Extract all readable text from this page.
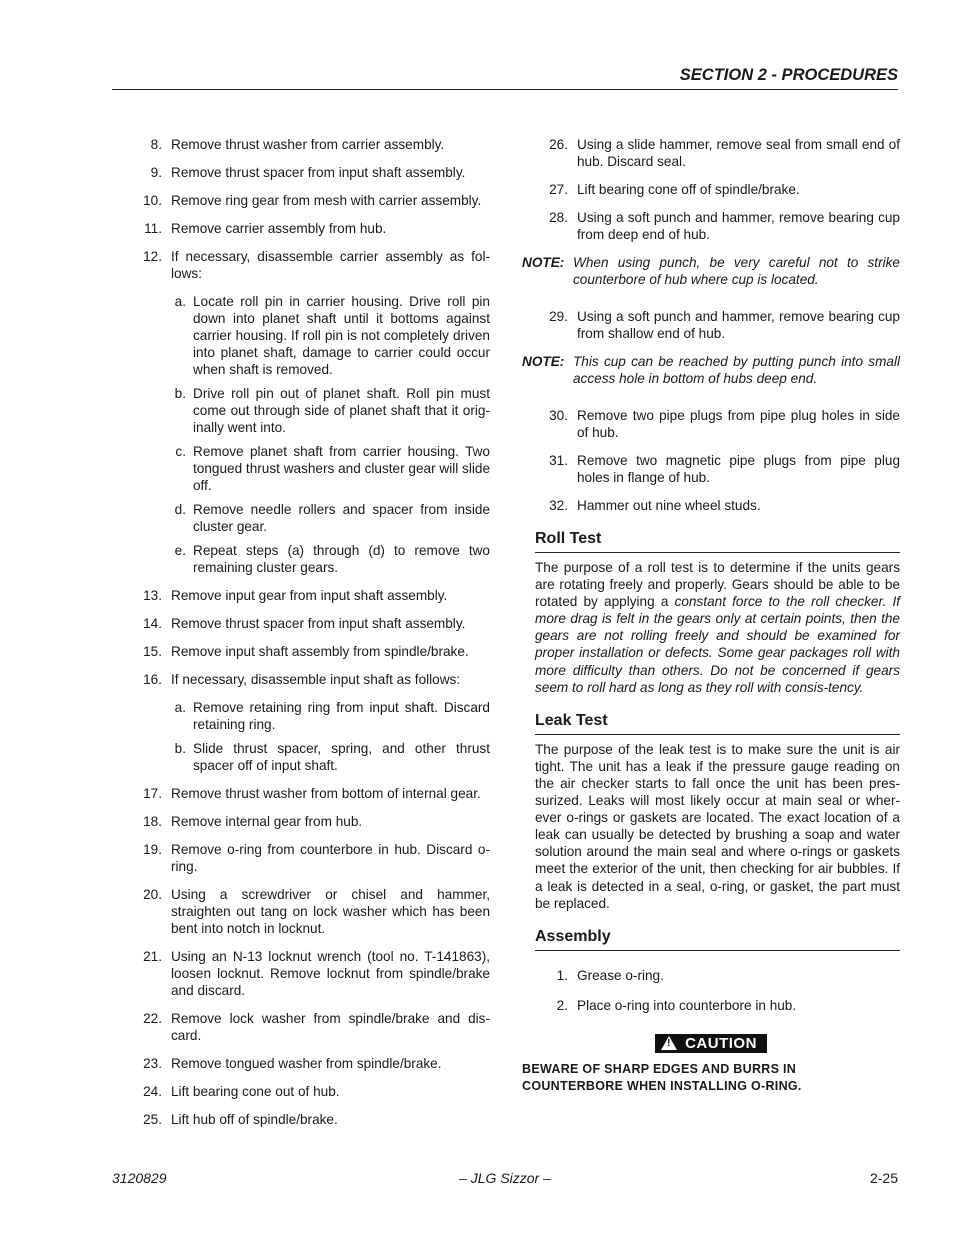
SECTION 2 - PROCEDURES
8. Remove thrust washer from carrier assembly.
9. Remove thrust spacer from input shaft assembly.
10. Remove ring gear from mesh with carrier assembly.
11. Remove carrier assembly from hub.
12. If necessary, disassemble carrier assembly as fol-lows:
a. Locate roll pin in carrier housing. Drive roll pin down into planet shaft until it bottoms against carrier housing. If roll pin is not completely driven into planet shaft, damage to carrier could occur when shaft is removed.
b. Drive roll pin out of planet shaft. Roll pin must come out through side of planet shaft that it orig-inally went into.
c. Remove planet shaft from carrier housing. Two tongued thrust washers and cluster gear will slide off.
d. Remove needle rollers and spacer from inside cluster gear.
e. Repeat steps (a) through (d) to remove two remaining cluster gears.
13. Remove input gear from input shaft assembly.
14. Remove thrust spacer from input shaft assembly.
15. Remove input shaft assembly from spindle/brake.
16. If necessary, disassemble input shaft as follows:
a. Remove retaining ring from input shaft. Discard retaining ring.
b. Slide thrust spacer, spring, and other thrust spacer off of input shaft.
17. Remove thrust washer from bottom of internal gear.
18. Remove internal gear from hub.
19. Remove o-ring from counterbore in hub. Discard o-ring.
20. Using a screwdriver or chisel and hammer, straighten out tang on lock washer which has been bent into notch in locknut.
21. Using an N-13 locknut wrench (tool no. T-141863), loosen locknut. Remove locknut from spindle/brake and discard.
22. Remove lock washer from spindle/brake and dis-card.
23. Remove tongued washer from spindle/brake.
24. Lift bearing cone out of hub.
25. Lift hub off of spindle/brake.
26. Using a slide hammer, remove seal from small end of hub. Discard seal.
27. Lift bearing cone off of spindle/brake.
28. Using a soft punch and hammer, remove bearing cup from deep end of hub.
NOTE: When using punch, be very careful not to strike counterbore of hub where cup is located.
29. Using a soft punch and hammer, remove bearing cup from shallow end of hub.
NOTE: This cup can be reached by putting punch into small access hole in bottom of hubs deep end.
30. Remove two pipe plugs from pipe plug holes in side of hub.
31. Remove two magnetic pipe plugs from pipe plug holes in flange of hub.
32. Hammer out nine wheel studs.
Roll Test
The purpose of a roll test is to determine if the units gears are rotating freely and properly. Gears should be able to be rotated by applying a constant force to the roll checker. If more drag is felt in the gears only at certain points, then the gears are not rolling freely and should be examined for proper installation or defects. Some gear packages roll with more difficulty than others. Do not be concerned if gears seem to roll hard as long as they roll with consis-tency.
Leak Test
The purpose of the leak test is to make sure the unit is air tight. The unit has a leak if the pressure gauge reading on the air checker starts to fall once the unit has been pres-surized. Leaks will most likely occur at main seal or wher-ever o-rings or gaskets are located. The exact location of a leak can usually be detected by brushing a soap and water solution around the main seal and where o-rings or gaskets meet the exterior of the unit, then checking for air bubbles. If a leak is detected in a seal, o-ring, or gasket, the part must be replaced.
Assembly
1. Grease o-ring.
2. Place o-ring into counterbore in hub.
! CAUTION
BEWARE OF SHARP EDGES AND BURRS IN COUNTERBORE WHEN INSTALLING O-RING.
3120829	– JLG Sizzor –	2-25
